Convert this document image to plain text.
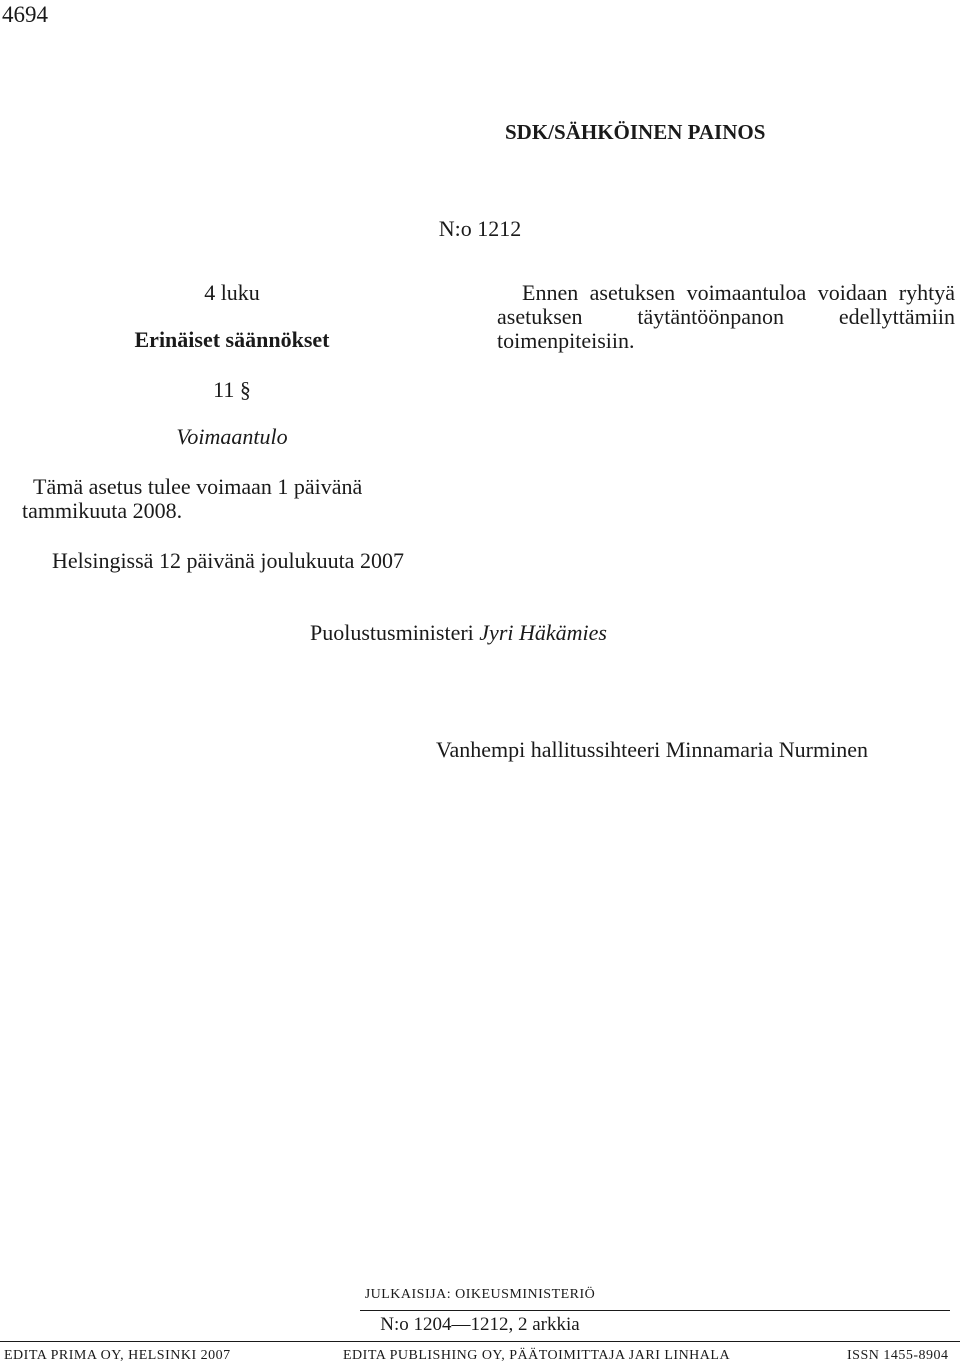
4694
SDK/SÄHKÖINEN PAINOS
N:o 1212
4 luku
Erinäiset säännökset
11 §
Voimaantulo
Tämä asetus tulee voimaan 1 päivänä tammikuuta 2008.
Ennen asetuksen voimaantuloa voidaan ryhtyä asetuksen täytäntöönpanon edellyttämiin toimenpiteisiin.
Helsingissä 12 päivänä joulukuuta 2007
Puolustusministeri Jyri Häkämies
Vanhempi hallitussihteeri Minnamaria Nurminen
JULKAISIJA: OIKEUSMINISTERIÖ
N:o 1204—1212, 2 arkkia
EDITA PRIMA OY, HELSINKI 2007	EDITA PUBLISHING OY, PÄÄTOIMITTAJA JARI LINHALA	ISSN 1455-8904
